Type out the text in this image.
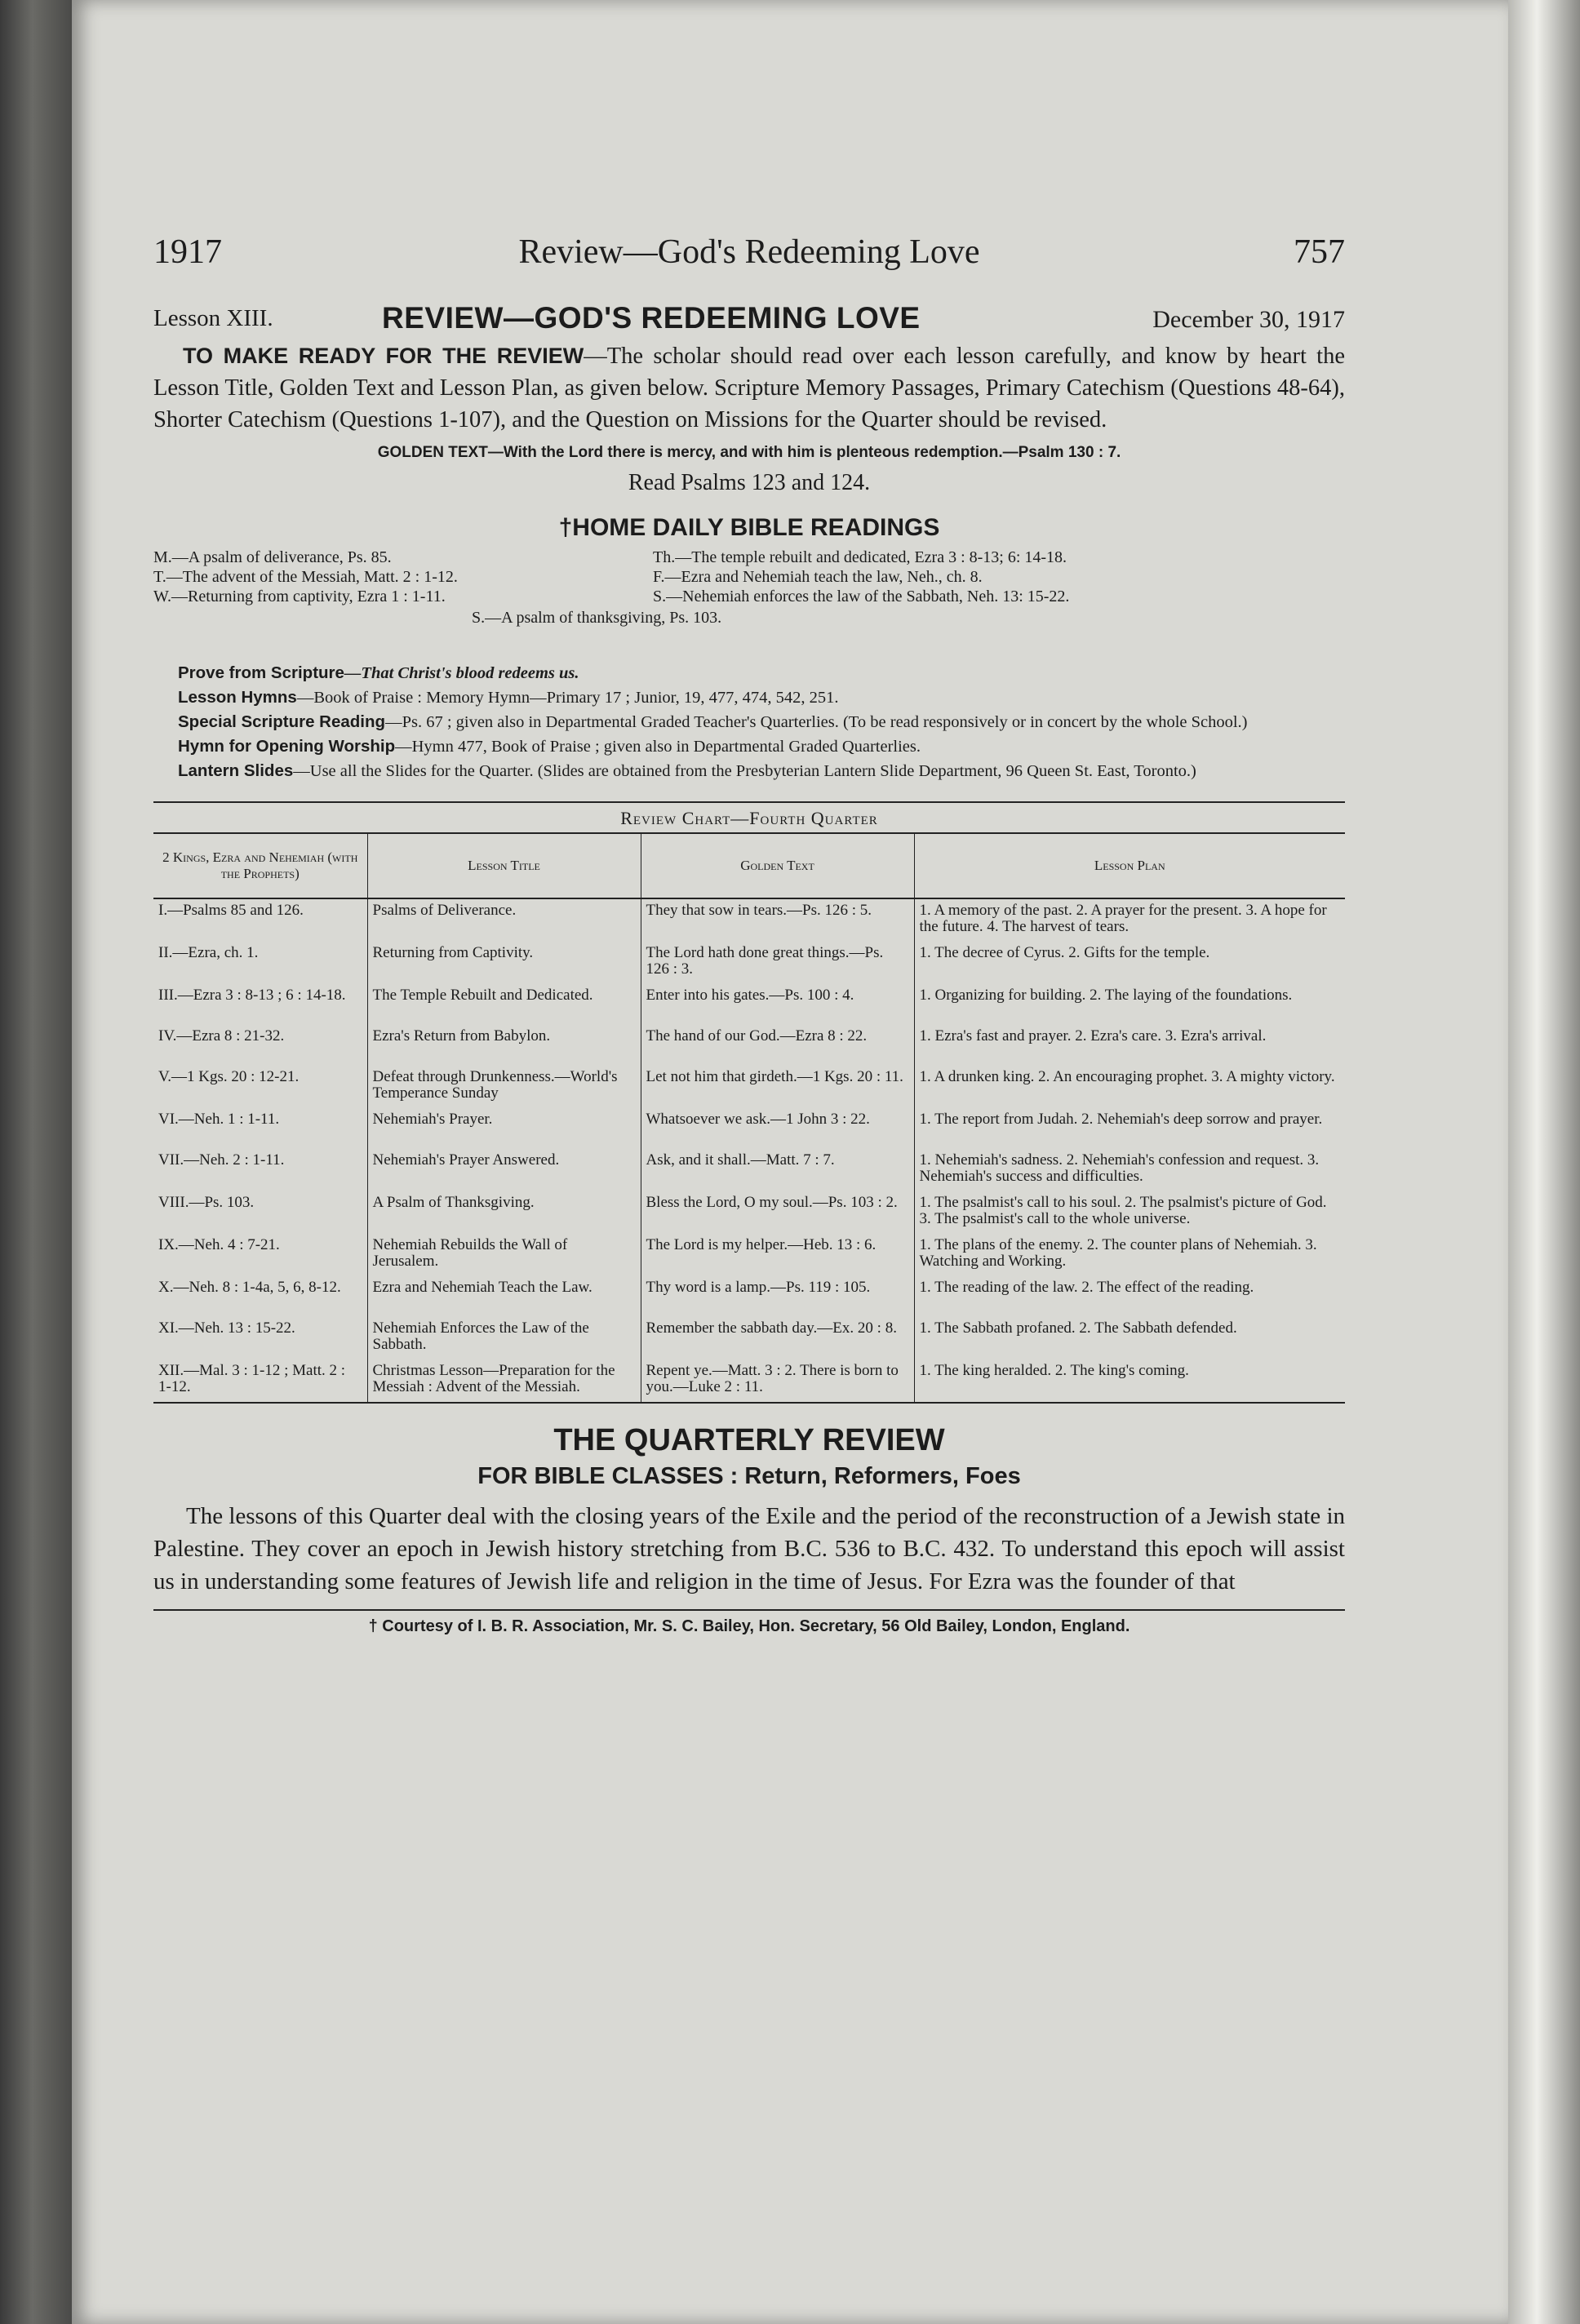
1917	Review—God's Redeeming Love	757
Lesson XIII.	REVIEW—GOD'S REDEEMING LOVE	December 30, 1917

TO MAKE READY FOR THE REVIEW—The scholar should read over each lesson carefully, and know by heart the Lesson Title, Golden Text and Lesson Plan, as given below. Scripture Memory Passages, Primary Catechism (Questions 48-64), Shorter Catechism (Questions 1-107), and the Question on Missions for the Quarter should be revised.

GOLDEN TEXT—With the Lord there is mercy, and with him is plenteous redemption.—Psalm 130 : 7.
Read Psalms 123 and 124.
†HOME DAILY BIBLE READINGS
M.—A psalm of deliverance, Ps. 85.
T.—The advent of the Messiah, Matt. 2 : 1-12.
W.—Returning from captivity, Ezra 1 : 1-11.
Th.—The temple rebuilt and dedicated, Ezra 3 : 8-13; 6: 14-18.
F.—Ezra and Nehemiah teach the law, Neh., ch. 8.
S.—Nehemiah enforces the law of the Sabbath, Neh. 13: 15-22.
S.—A psalm of thanksgiving, Ps. 103.
Prove from Scripture—That Christ's blood redeems us.
Lesson Hymns—Book of Praise : Memory Hymn—Primary 17 ; Junior, 19, 477, 474, 542, 251.
Special Scripture Reading—Ps. 67 ; given also in Departmental Graded Teacher's Quarterlies. (To be read responsively or in concert by the whole School.)
Hymn for Opening Worship—Hymn 477, Book of Praise ; given also in Departmental Graded Quarterlies.
Lantern Slides—Use all the Slides for the Quarter. (Slides are obtained from the Presbyterian Lantern Slide Department, 96 Queen St. East, Toronto.)
Review Chart—Fourth Quarter
2 Kings, Ezra and Nehemiah (with the Prophets)	Lesson Title	Golden Text	Lesson Plan
I.—Psalms 85 and 126.	Psalms of Deliverance.	They that sow in tears.—Ps. 126 : 5.	1. A memory of the past. 2. A prayer for the present. 3. A hope for the future. 4. The harvest of tears.
II.—Ezra, ch. 1.	Returning from Captivity.	The Lord hath done great things.—Ps. 126 : 3.	1. The decree of Cyrus. 2. Gifts for the temple.
III.—Ezra 3 : 8-13 ; 6 : 14-18.	The Temple Rebuilt and Dedicated.	Enter into his gates.—Ps. 100 : 4.	1. Organizing for building. 2. The laying of the foundations.
IV.—Ezra 8 : 21-32.	Ezra's Return from Babylon.	The hand of our God.—Ezra 8 : 22.	1. Ezra's fast and prayer. 2. Ezra's care. 3. Ezra's arrival.
V.—1 Kgs. 20 : 12-21.	Defeat through Drunkenness.—World's Temperance Sunday	Let not him that girdeth.—1 Kgs. 20 : 11.	1. A drunken king. 2. An encouraging prophet. 3. A mighty victory.
VI.—Neh. 1 : 1-11.	Nehemiah's Prayer.	Whatsoever we ask.—1 John 3 : 22.	1. The report from Judah. 2. Nehemiah's deep sorrow and prayer.
VII.—Neh. 2 : 1-11.	Nehemiah's Prayer Answered.	Ask, and it shall.—Matt. 7 : 7.	1. Nehemiah's sadness. 2. Nehemiah's confession and request. 3. Nehemiah's success and difficulties.
VIII.—Ps. 103.	A Psalm of Thanksgiving.	Bless the Lord, O my soul.—Ps. 103 : 2.	1. The psalmist's call to his soul. 2. The psalmist's picture of God. 3. The psalmist's call to the whole universe.
IX.—Neh. 4 : 7-21.	Nehemiah Rebuilds the Wall of Jerusalem.	The Lord is my helper.—Heb. 13 : 6.	1. The plans of the enemy. 2. The counter plans of Nehemiah. 3. Watching and Working.
X.—Neh. 8 : 1-4a, 5, 6, 8-12.	Ezra and Nehemiah Teach the Law.	Thy word is a lamp.—Ps. 119 : 105.	1. The reading of the law. 2. The effect of the reading.
XI.—Neh. 13 : 15-22.	Nehemiah Enforces the Law of the Sabbath.	Remember the sabbath day.—Ex. 20 : 8.	1. The Sabbath profaned. 2. The Sabbath defended.
XII.—Mal. 3 : 1-12 ; Matt. 2 : 1-12.	Christmas Lesson—Preparation for the Messiah : Advent of the Messiah.	Repent ye.—Matt. 3 : 2. There is born to you.—Luke 2 : 11.	1. The king heralded. 2. The king's coming.
THE QUARTERLY REVIEW
FOR BIBLE CLASSES : Return, Reformers, Foes

The lessons of this Quarter deal with the closing years of the Exile and the period of the reconstruction of a Jewish state in Palestine. They cover an epoch in Jewish history stretching from B.C. 536 to B.C. 432. To understand this epoch will assist us in understanding some features of Jewish life and religion in the time of Jesus. For Ezra was the founder of that

† Courtesy of I. B. R. Association, Mr. S. C. Bailey, Hon. Secretary, 56 Old Bailey, London, England.
